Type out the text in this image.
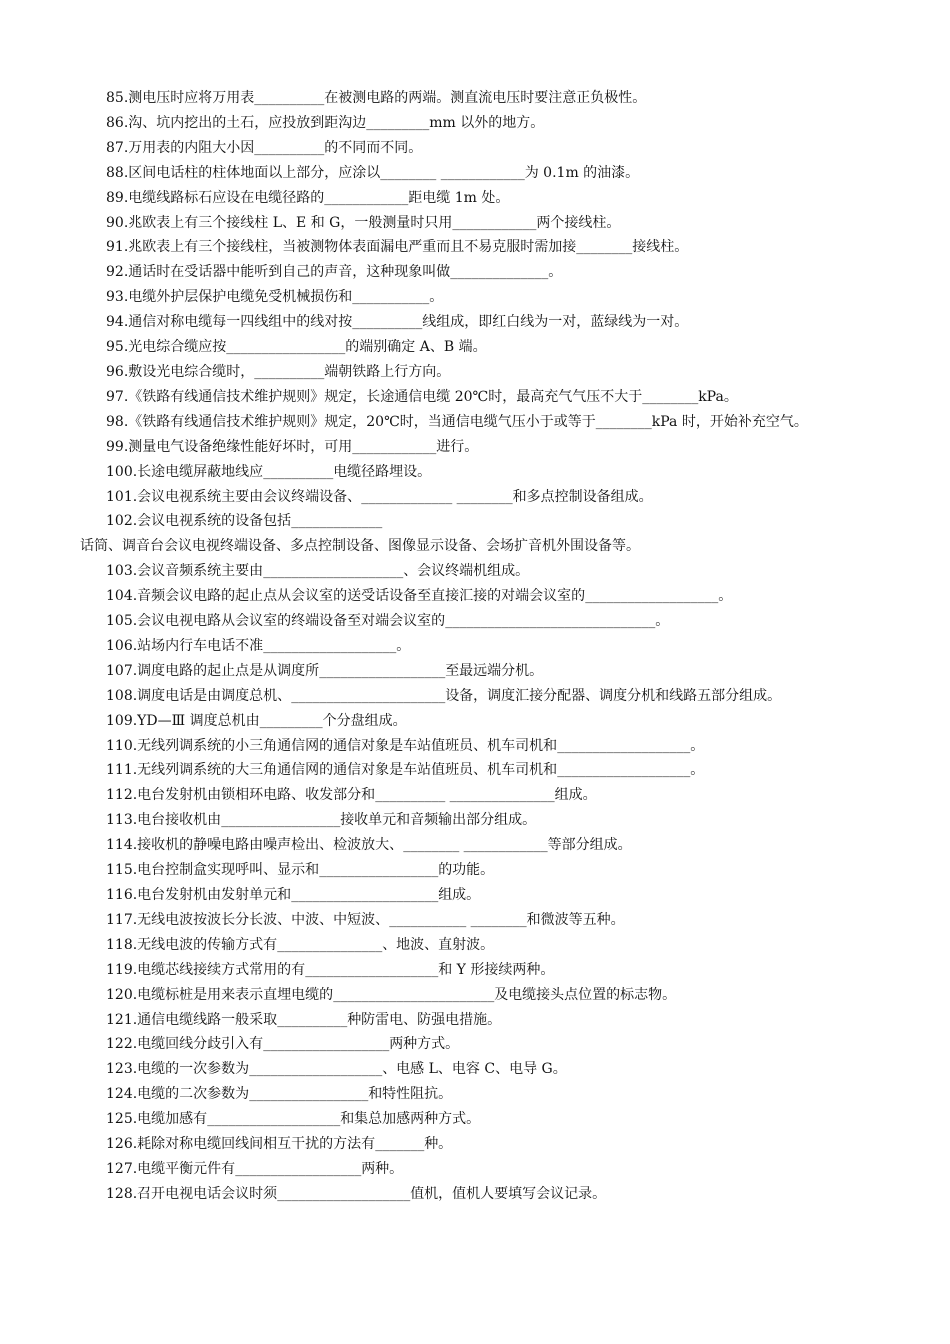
85.测电压时应将万用表__________在被测电路的两端。测直流电压时要注意正负极性。
86.沟、坑内挖出的土石，应投放到距沟边_________mm 以外的地方。
87.万用表的内阻大小因__________的不同而不同。
88.区间电话柱的柱体地面以上部分，应涂以________ ____________为 0.1m 的油漆。
89.电缆线路标石应设在电缆径路的____________距电缆 1m 处。
90.兆欧表上有三个接线柱 L、E 和 G，一般测量时只用____________两个接线柱。
91.兆欧表上有三个接线柱，当被测物体表面漏电严重而且不易克服时需加接________接线柱。
92.通话时在受话器中能听到自己的声音，这种现象叫做______________。
93.电缆外护层保护电缆免受机械损伤和___________。
94.通信对称电缆每一四线组中的线对按__________线组成，即红白线为一对，蓝绿线为一对。
95.光电综合缆应按_________________的端别确定 A、B 端。
96.敷设光电综合缆时，__________端朝铁路上行方向。
97.《铁路有线通信技术维护规则》规定，长途通信电缆 20℃时，最高充气气压不大于________kPa。
98.《铁路有线通信技术维护规则》规定，20℃时，当通信电缆气压小于或等于________kPa 时，开始补充空气。
99.测量电气设备绝缘性能好坏时，可用____________进行。
100.长途电缆屏蔽地线应__________电缆径路埋设。
101.会议电视系统主要由会议终端设备、_____________ ________和多点控制设备组成。
102.会议电视系统的设备包括_____________话筒、调音台会议电视终端设备、多点控制设备、图像显示设备、会场扩音机外围设备等。
103.会议音频系统主要由____________________、会议终端机组成。
104.音频会议电路的起止点从会议室的送受话设备至直接汇接的对端会议室的___________________。
105.会议电视电路从会议室的终端设备至对端会议室的______________________________。
106.站场内行车电话不准___________________。
107.调度电路的起止点是从调度所__________________至最远端分机。
108.调度电话是由调度总机、______________________设备，调度汇接分配器、调度分机和线路五部分组成。
109.YD—Ⅲ 调度总机由_________个分盘组成。
110.无线列调系统的小三角通信网的通信对象是车站值班员、机车司机和___________________。
111.无线列调系统的大三角通信网的通信对象是车站值班员、机车司机和___________________。
112.电台发射机由锁相环电路、收发部分和__________ _______________组成。
113.电台接收机由_________________接收单元和音频输出部分组成。
114.接收机的静噪电路由噪声检出、检波放大、________ ____________等部分组成。
115.电台控制盒实现呼叫、显示和_________________的功能。
116.电台发射机由发射单元和_____________________组成。
117.无线电波按波长分长波、中波、中短波、___________ ________和微波等五种。
118.无线电波的传输方式有_______________、地波、直射波。
119.电缆芯线接续方式常用的有___________________和 Y 形接续两种。
120.电缆标桩是用来表示直埋电缆的_______________________及电缆接头点位置的标志物。
121.通信电缆线路一般采取__________种防雷电、防强电措施。
122.电缆回线分歧引入有__________________两种方式。
123.电缆的一次参数为___________________、电感 L、电容 C、电导 G。
124.电缆的二次参数为_________________和特性阻抗。
125.电缆加感有___________________和集总加感两种方式。
126.耗除对称电缆回线间相互干扰的方法有_______种。
127.电缆平衡元件有__________________两种。
128.召开电视电话会议时须___________________值机，值机人要填写会议记录。
